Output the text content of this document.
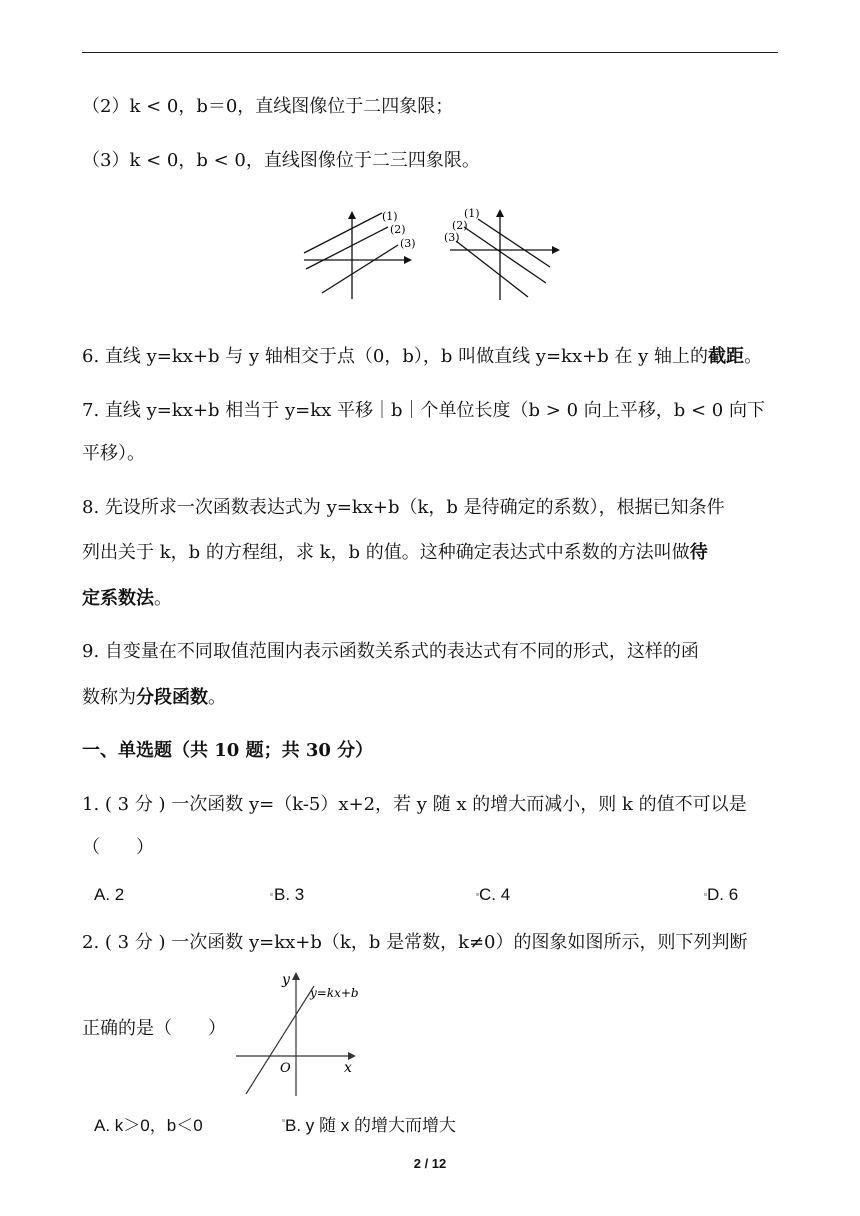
（2）k < 0，b＝0，直线图像位于二四象限；
（3）k < 0，b < 0，直线图像位于二三四象限。
(1)
(2)
(3)
(1)
(2)
(3)
6. 直线 y=kx+b 与 y 轴相交于点（0，b），b 叫做直线 y=kx+b 在 y 轴上的截距。
7. 直线 y=kx+b 相当于 y=kx 平移｜b｜个单位长度（b > 0 向上平移，b < 0 向下
平移）。
8. 先设所求一次函数表达式为 y=kx+b（k，b 是待确定的系数），根据已知条件
列出关于 k，b 的方程组，求 k，b 的值。这种确定表达式中系数的方法叫做待
定系数法。
9. 自变量在不同取值范围内表示函数关系式的表达式有不同的形式，这样的函
数称为分段函数。
一、单选题（共 10 题；共 30 分）
1. ( 3 分 ) 一次函数 y=（k-5）x+2，若 y 随 x 的增大而减小，则 k 的值不可以是
（　　）
A. 2	B. 3	C. 4	D. 6
2. ( 3 分 ) 一次函数 y=kx+b（k，b 是常数，k≠0）的图象如图所示，则下列判断
正确的是（　　）
y
x
O
y=kx+b
A. k＞0，b＜0	B. y 随 x 的增大而增大
2 / 12
